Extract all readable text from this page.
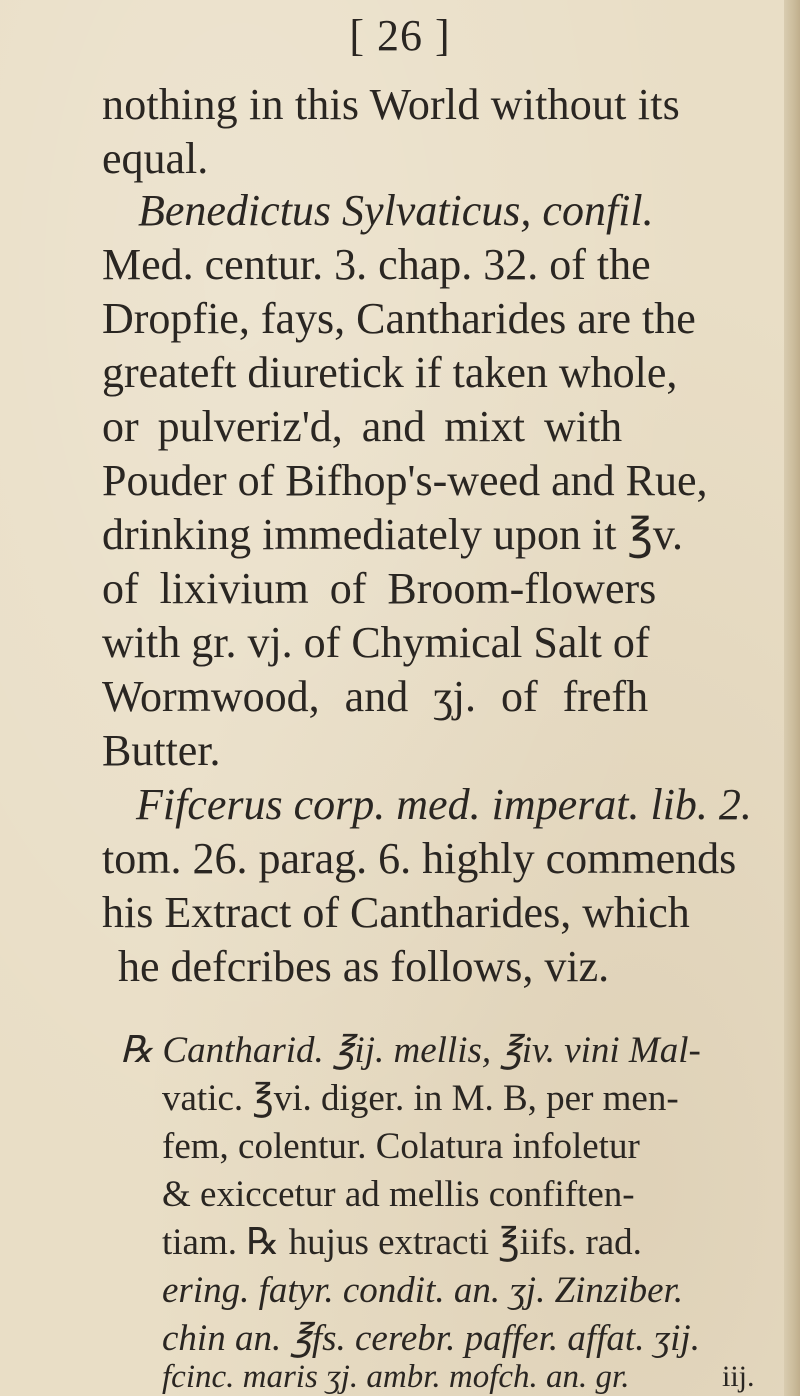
[ 26 ]
nothing in this World without its
equal.
Benedictus Sylvaticus, confil.
Med. centur. 3. chap. 32. of the
Dropfie, fays, Cantharides are the
greateft diuretick if taken whole,
or pulveriz'd, and mixt with
Pouder of Bifhop's-weed and Rue,
drinking immediately upon it ℥v.
of lixivium of Broom-flowers
with gr. vj. of Chymical Salt of
Wormwood, and ʒj. of frefh
Butter.
Fifcerus corp. med. imperat. lib. 2.
tom. 26. parag. 6. highly commends
his Extract of Cantharides, which
he defcribes as follows, viz.
℞ Cantharid. ℥ij. mellis, ℥iv. vini Mal-
vatic. ℥vi. diger. in M. B, per men-
fem, colentur. Colatura infoletur
& exiccetur ad mellis confiften-
tiam. ℞ hujus extracti ℥iifs. rad.
ering. fatyr. condit. an. ʒj. Zinziber.
chin an. ℥fs. cerebr. paffer. affat. ʒij.
fcinc. maris ʒj. ambr. mofch. an. gr.	iij.
